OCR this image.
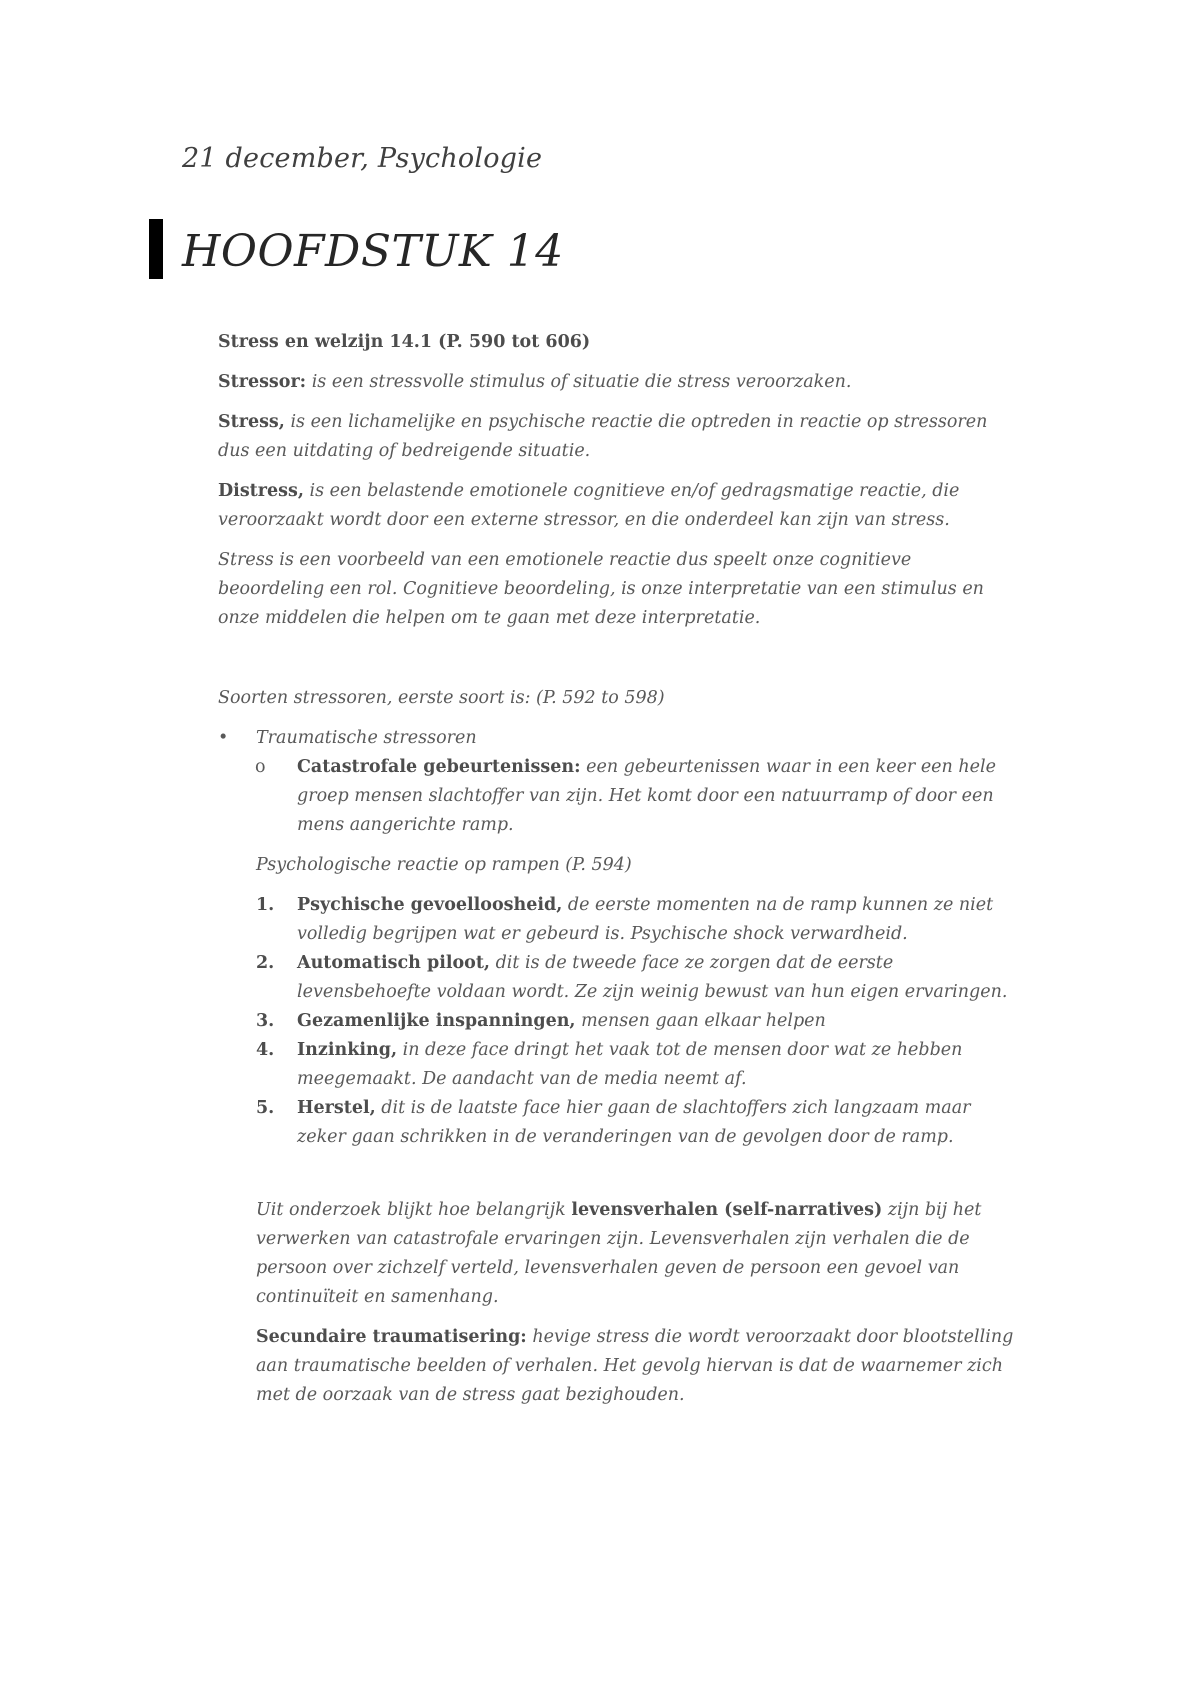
21 december, Psychologie
HOOFDSTUK 14

Stress en welzijn 14.1 (P. 590 tot 606)

Stressor: is een stressvolle stimulus of situatie die stress veroorzaken.

Stress, is een lichamelijke en psychische reactie die optreden in reactie op stressoren dus een uitdating of bedreigende situatie.

Distress, is een belastende emotionele cognitieve en/of gedragsmatige reactie, die veroorzaakt wordt door een externe stressor, en die onderdeel kan zijn van stress.

Stress is een voorbeeld van een emotionele reactie dus speelt onze cognitieve beoordeling een rol. Cognitieve beoordeling, is onze interpretatie van een stimulus en onze middelen die helpen om te gaan met deze interpretatie.

Soorten stressoren, eerste soort is: (P. 592 to 598)

• Traumatische stressoren
o Catastrofale gebeurtenissen: een gebeurtenissen waar in een keer een hele groep mensen slachtoffer van zijn. Het komt door een natuurramp of door een mens aangerichte ramp.

Psychologische reactie op rampen (P. 594)

1. Psychische gevoelloosheid, de eerste momenten na de ramp kunnen ze niet volledig begrijpen wat er gebeurd is. Psychische shock verwardheid.
2. Automatisch piloot, dit is de tweede face ze zorgen dat de eerste levensbehoefte voldaan wordt. Ze zijn weinig bewust van hun eigen ervaringen.
3. Gezamenlijke inspanningen, mensen gaan elkaar helpen
4. Inzinking, in deze face dringt het vaak tot de mensen door wat ze hebben meegemaakt. De aandacht van de media neemt af.
5. Herstel, dit is de laatste face hier gaan de slachtoffers zich langzaam maar zeker gaan schrikken in de veranderingen van de gevolgen door de ramp.

Uit onderzoek blijkt hoe belangrijk levensverhalen (self-narratives) zijn bij het verwerken van catastrofale ervaringen zijn. Levensverhalen zijn verhalen die de persoon over zichzelf verteld, levensverhalen geven de persoon een gevoel van continuïteit en samenhang.

Secundaire traumatisering: hevige stress die wordt veroorzaakt door blootstelling aan traumatische beelden of verhalen. Het gevolg hiervan is dat de waarnemer zich met de oorzaak van de stress gaat bezighouden.
